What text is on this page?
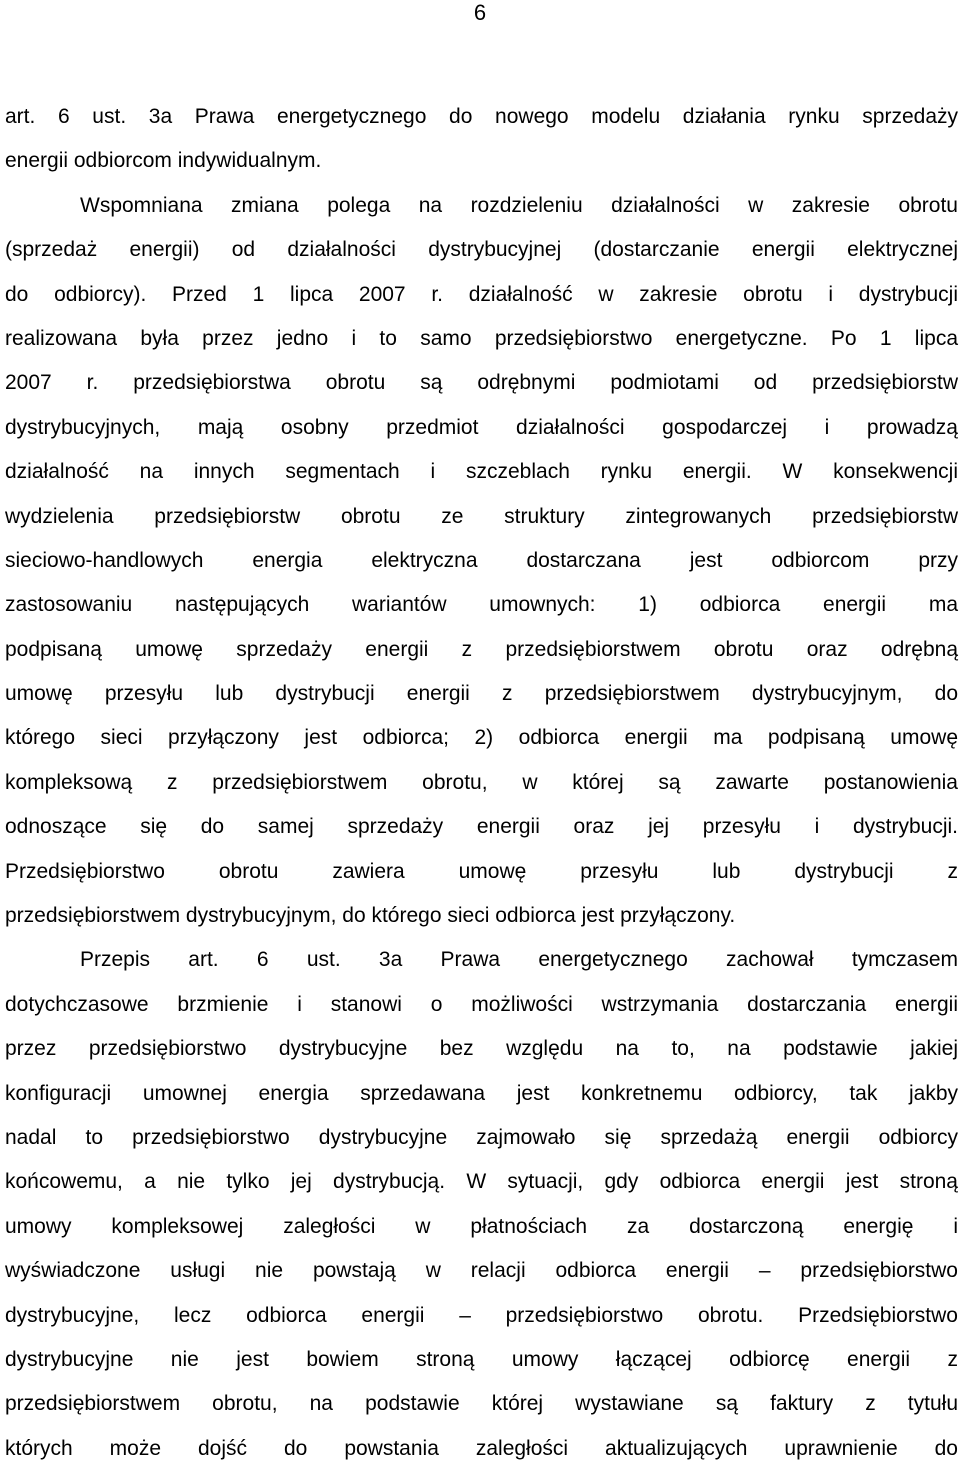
6
art. 6 ust. 3a Prawa energetycznego do nowego modelu działania rynku sprzedaży
energii odbiorcom indywidualnym.
Wspomniana zmiana polega na rozdzieleniu działalności w zakresie obrotu
(sprzedaż energii) od działalności dystrybucyjnej (dostarczanie energii elektrycznej
do odbiorcy). Przed 1 lipca 2007 r. działalność w zakresie obrotu i dystrybucji
realizowana była przez jedno i to samo przedsiębiorstwo energetyczne. Po 1 lipca
2007 r. przedsiębiorstwa obrotu są odrębnymi podmiotami od przedsiębiorstw
dystrybucyjnych, mają osobny przedmiot działalności gospodarczej i prowadzą
działalność na innych segmentach i szczeblach rynku energii. W konsekwencji
wydzielenia przedsiębiorstw obrotu ze struktury zintegrowanych przedsiębiorstw
sieciowo-handlowych energia elektryczna dostarczana jest odbiorcom przy
zastosowaniu następujących wariantów umownych: 1) odbiorca energii ma
podpisaną umowę sprzedaży energii z przedsiębiorstwem obrotu oraz odrębną
umowę przesyłu lub dystrybucji energii z przedsiębiorstwem dystrybucyjnym, do
którego sieci przyłączony jest odbiorca; 2) odbiorca energii ma podpisaną umowę
kompleksową z przedsiębiorstwem obrotu, w której są zawarte postanowienia
odnoszące się do samej sprzedaży energii oraz jej przesyłu i dystrybucji.
Przedsiębiorstwo obrotu zawiera umowę przesyłu lub dystrybucji z
przedsiębiorstwem dystrybucyjnym, do którego sieci odbiorca jest przyłączony.
Przepis art. 6 ust. 3a Prawa energetycznego zachował tymczasem
dotychczasowe brzmienie i stanowi o możliwości wstrzymania dostarczania energii
przez przedsiębiorstwo dystrybucyjne bez względu na to, na podstawie jakiej
konfiguracji umownej energia sprzedawana jest konkretnemu odbiorcy, tak jakby
nadal to przedsiębiorstwo dystrybucyjne zajmowało się sprzedażą energii odbiorcy
końcowemu, a nie tylko jej dystrybucją. W sytuacji, gdy odbiorca energii jest stroną
umowy kompleksowej zaległości w płatnościach za dostarczoną energię i
wyświadczone usługi nie powstają w relacji odbiorca energii – przedsiębiorstwo
dystrybucyjne, lecz odbiorca energii – przedsiębiorstwo obrotu. Przedsiębiorstwo
dystrybucyjne nie jest bowiem stroną umowy łączącej odbiorcę energii z
przedsiębiorstwem obrotu, na podstawie której wystawiane są faktury z tytułu
których może dojść do powstania zaległości aktualizujących uprawnienie do
